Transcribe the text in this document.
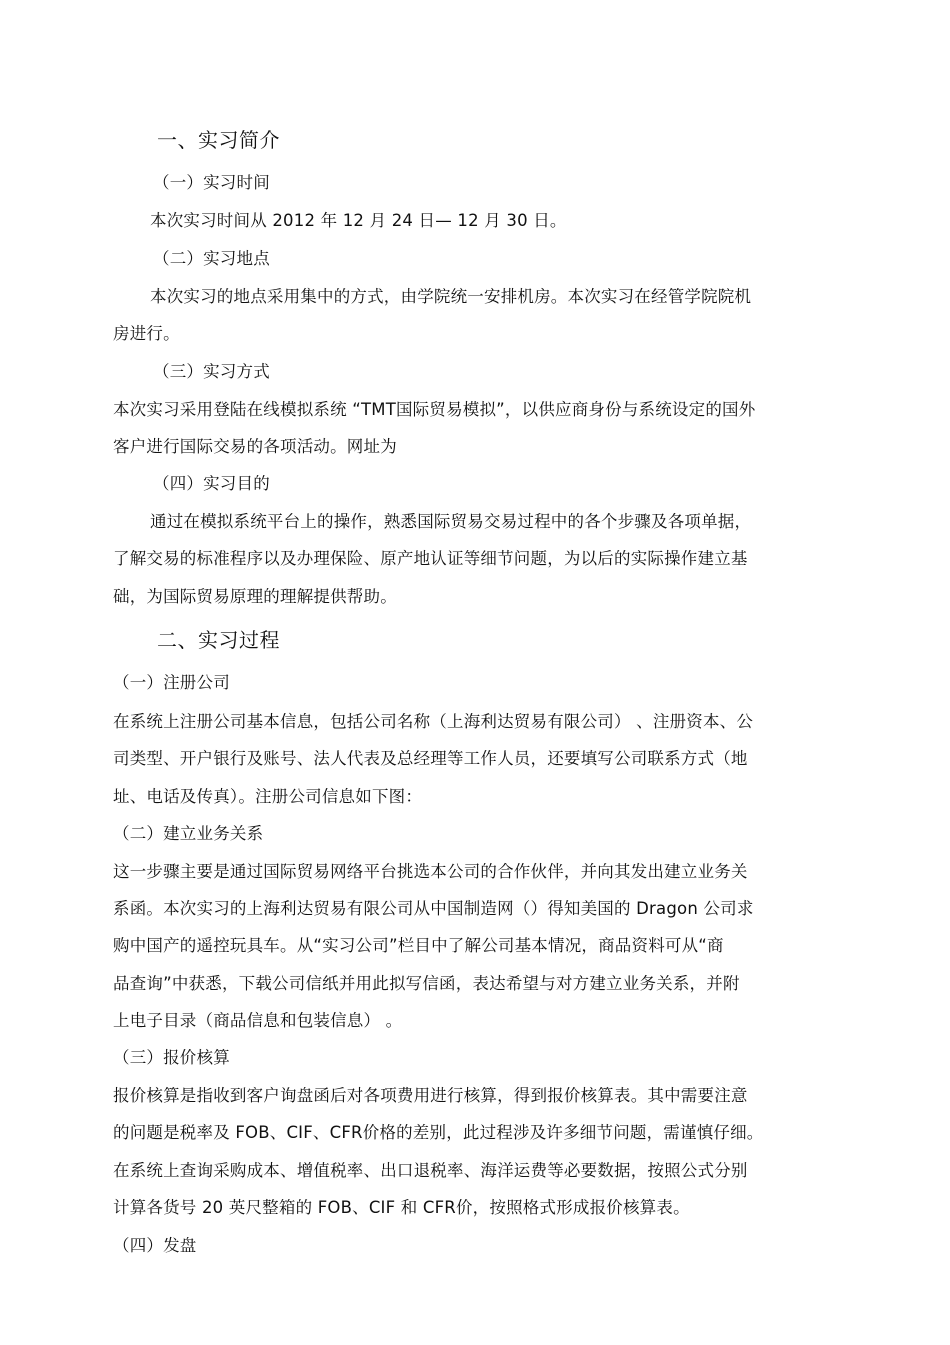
一、实习简介
（一）实习时间
本次实习时间从 2012 年 12 月 24 日— 12 月 30 日。
（二）实习地点
本次实习的地点采用集中的方式，由学院统一安排机房。本次实习在经管学院院机
房进行。
（三）实习方式
本次实习采用登陆在线模拟系统 “TMT国际贸易模拟”，以供应商身份与系统设定的国外
客户进行国际交易的各项活动。网址为
（四）实习目的
通过在模拟系统平台上的操作，熟悉国际贸易交易过程中的各个步骤及各项单据，
了解交易的标准程序以及办理保险、原产地认证等细节问题，为以后的实际操作建立基
础，为国际贸易原理的理解提供帮助。
二、实习过程
（一）注册公司
在系统上注册公司基本信息，包括公司名称（上海利达贸易有限公司） 、注册资本、公
司类型、开户银行及账号、法人代表及总经理等工作人员，还要填写公司联系方式（地
址、电话及传真）。注册公司信息如下图：
（二）建立业务关系
这一步骤主要是通过国际贸易网络平台挑选本公司的合作伙伴，并向其发出建立业务关
系函。本次实习的上海利达贸易有限公司从中国制造网（）得知美国的 Dragon 公司求
购中国产的遥控玩具车。从“实习公司”栏目中了解公司基本情况，商品资料可从“商
品查询”中获悉，下载公司信纸并用此拟写信函，表达希望与对方建立业务关系，并附
上电子目录（商品信息和包装信息） 。
（三）报价核算
报价核算是指收到客户询盘函后对各项费用进行核算，得到报价核算表。其中需要注意
的问题是税率及 FOB、CIF、CFR价格的差别，此过程涉及许多细节问题，需谨慎仔细。
在系统上查询采购成本、增值税率、出口退税率、海洋运费等必要数据，按照公式分别
计算各货号 20 英尺整箱的 FOB、CIF 和 CFR价，按照格式形成报价核算表。
（四）发盘
